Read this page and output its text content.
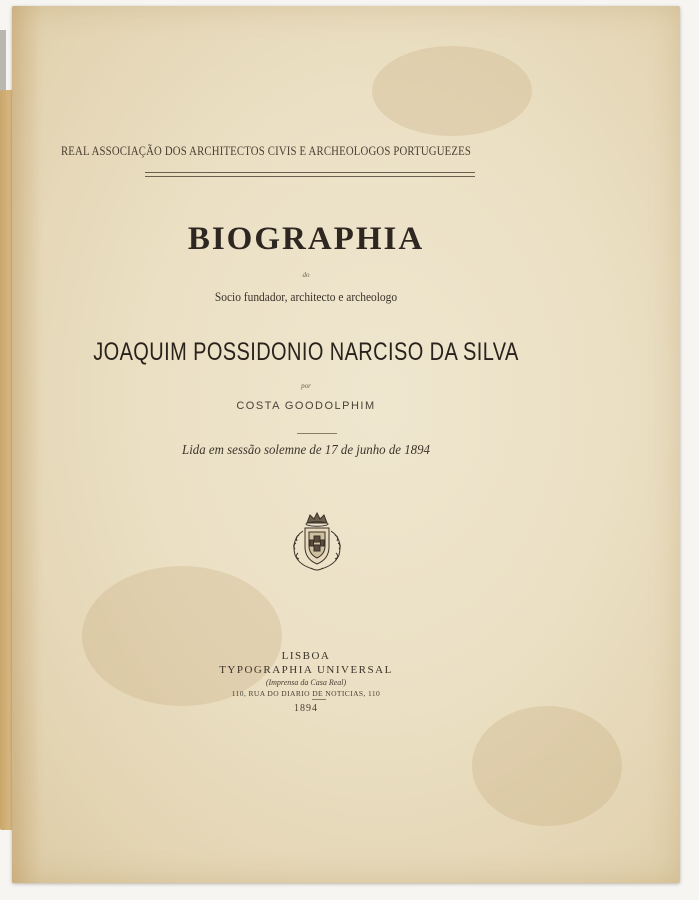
REAL ASSOCIAÇÃO DOS ARCHITECTOS CIVIS E ARCHEOLOGOS PORTUGUEZES
BIOGRAPHIA
do
Socio fundador, architecto e archeologo
JOAQUIM POSSIDONIO NARCISO DA SILVA
por
COSTA GOODOLPHIM
Lida em sessão solemne de 17 de junho de 1894
LISBOA
TYPOGRAPHIA UNIVERSAL
(Imprensa da Casa Real)
110, RUA DO DIARIO DE NOTICIAS, 110
1894
